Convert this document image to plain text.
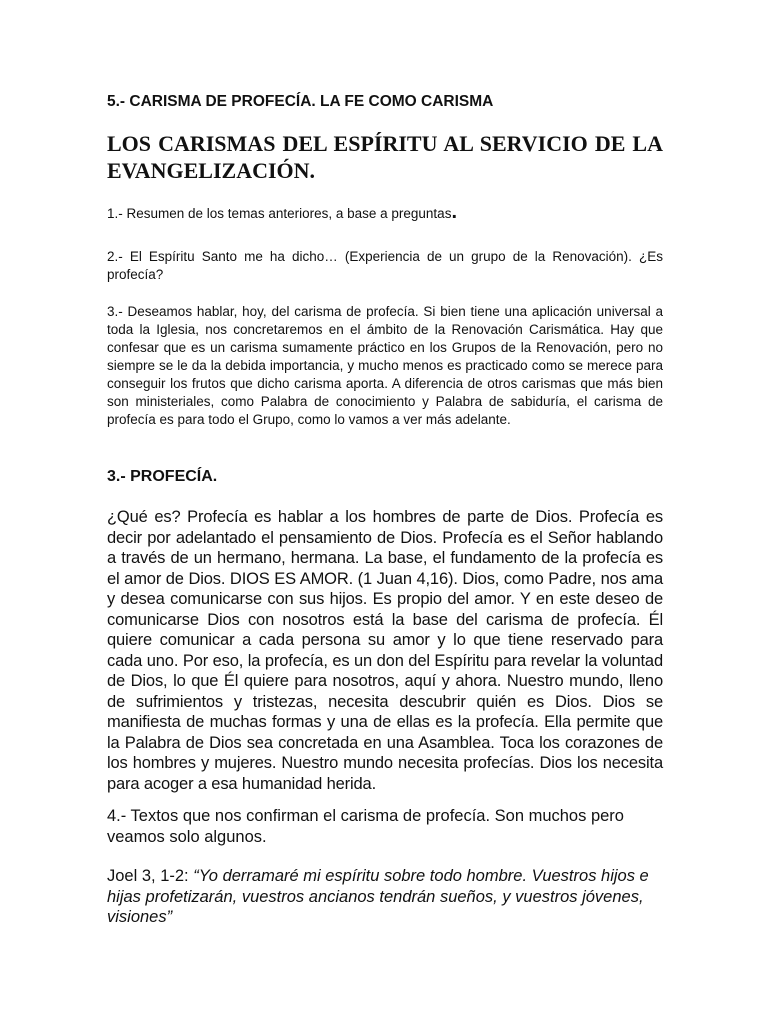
5.- CARISMA DE PROFECÍA. LA FE COMO CARISMA
LOS CARISMAS DEL ESPÍRITU AL SERVICIO DE LA EVANGELIZACIÓN.

1.- Resumen de los temas anteriores, a base a preguntas.

2.- El Espíritu Santo me ha dicho… (Experiencia de un grupo de la Renovación). ¿Es profecía?

3.- Deseamos hablar, hoy, del carisma de profecía. Si bien tiene una aplicación universal a toda la Iglesia, nos concretaremos en el ámbito de la Renovación Carismática. Hay que confesar que es un carisma sumamente práctico en los Grupos de la Renovación, pero no siempre se le da la debida importancia, y mucho menos es practicado como se merece para conseguir los frutos que dicho carisma aporta. A diferencia de otros carismas que más bien son ministeriales, como Palabra de conocimiento y Palabra de sabiduría, el carisma de profecía es para todo el Grupo, como lo vamos a ver más adelante.

3.- PROFECÍA.

¿Qué es? Profecía es hablar a los hombres de parte de Dios. Profecía es decir por adelantado el pensamiento de Dios. Profecía es el Señor hablando a través de un hermano, hermana. La base, el fundamento de la profecía es el amor de Dios. DIOS ES AMOR. (1 Juan 4,16). Dios, como Padre, nos ama y desea comunicarse con sus hijos. Es propio del amor. Y en este deseo de comunicarse Dios con nosotros está la base del carisma de profecía. Él quiere comunicar a cada persona su amor y lo que tiene reservado para cada uno. Por eso, la profecía, es un don del Espíritu para revelar la voluntad de Dios, lo que Él quiere para nosotros, aquí y ahora. Nuestro mundo, lleno de sufrimientos y tristezas, necesita descubrir quién es Dios. Dios se manifiesta de muchas formas y una de ellas es la profecía. Ella permite que la Palabra de Dios sea concretada en una Asamblea. Toca los corazones de los hombres y mujeres. Nuestro mundo necesita profecías. Dios los necesita para acoger a esa humanidad herida.

4.- Textos que nos confirman el carisma de profecía. Son muchos pero veamos solo algunos.

Joel 3, 1-2: “Yo derramaré mi espíritu sobre todo hombre. Vuestros hijos e hijas profetizarán, vuestros ancianos tendrán sueños, y vuestros jóvenes, visiones”
